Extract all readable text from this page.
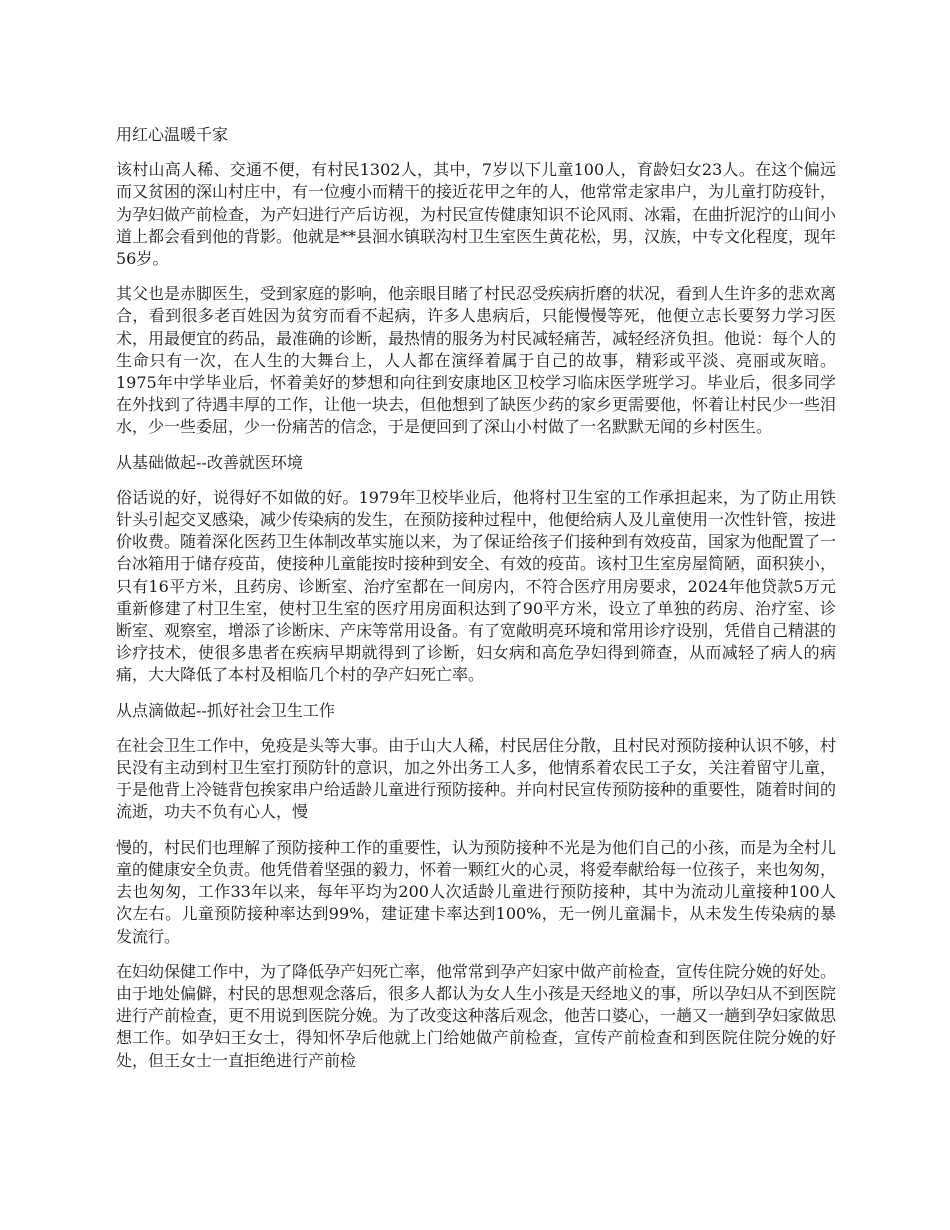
用红心温暖千家
该村山高人稀、交通不便，有村民1302人，其中，7岁以下儿童100人，育龄妇女23人。在这个偏远而又贫困的深山村庄中，有一位瘦小而精干的接近花甲之年的人，他常常走家串户，为儿童打防疫针，为孕妇做产前检查，为产妇进行产后访视，为村民宣传健康知识不论风雨、冰霜，在曲折泥泞的山间小道上都会看到他的背影。他就是**县洄水镇联沟村卫生室医生黄花松，男，汉族，中专文化程度，现年56岁。
其父也是赤脚医生，受到家庭的影响，他亲眼目睹了村民忍受疾病折磨的状况，看到人生许多的悲欢离合，看到很多老百姓因为贫穷而看不起病，许多人患病后，只能慢慢等死，他便立志长要努力学习医术，用最便宜的药品，最准确的诊断，最热情的服务为村民减轻痛苦，减轻经济负担。他说：每个人的生命只有一次，在人生的大舞台上，人人都在演绎着属于自己的故事，精彩或平淡、亮丽或灰暗。1975年中学毕业后，怀着美好的梦想和向往到安康地区卫校学习临床医学班学习。毕业后，很多同学在外找到了待遇丰厚的工作，让他一块去，但他想到了缺医少药的家乡更需要他，怀着让村民少一些泪水，少一些委屈，少一份痛苦的信念，于是便回到了深山小村做了一名默默无闻的乡村医生。
从基础做起--改善就医环境
俗话说的好，说得好不如做的好。1979年卫校毕业后，他将村卫生室的工作承担起来，为了防止用铁针头引起交叉感染，减少传染病的发生，在预防接种过程中，他便给病人及儿童使用一次性针管，按进价收费。随着深化医药卫生体制改革实施以来，为了保证给孩子们接种到有效疫苗，国家为他配置了一台冰箱用于储存疫苗，使接种儿童能按时接种到安全、有效的疫苗。该村卫生室房屋简陋，面积狭小，只有16平方米，且药房、诊断室、治疗室都在一间房内，不符合医疗用房要求，2024年他贷款5万元重新修建了村卫生室，使村卫生室的医疗用房面积达到了90平方米，设立了单独的药房、治疗室、诊断室、观察室，增添了诊断床、产床等常用设备。有了宽敞明亮环境和常用诊疗设别，凭借自己精湛的诊疗技术，使很多患者在疾病早期就得到了诊断，妇女病和高危孕妇得到筛查，从而减轻了病人的病痛，大大降低了本村及相临几个村的孕产妇死亡率。
从点滴做起--抓好社会卫生工作
在社会卫生工作中，免疫是头等大事。由于山大人稀，村民居住分散，且村民对预防接种认识不够，村民没有主动到村卫生室打预防针的意识，加之外出务工人多，他情系着农民工子女，关注着留守儿童，于是他背上冷链背包挨家串户给适龄儿童进行预防接种。并向村民宣传预防接种的重要性，随着时间的流逝，功夫不负有心人，慢
慢的，村民们也理解了预防接种工作的重要性，认为预防接种不光是为他们自己的小孩，而是为全村儿童的健康安全负责。他凭借着坚强的毅力，怀着一颗红火的心灵，将爱奉献给每一位孩子，来也匆匆，去也匆匆，工作33年以来，每年平均为200人次适龄儿童进行预防接种，其中为流动儿童接种100人次左右。儿童预防接种率达到99%，建证建卡率达到100%，无一例儿童漏卡，从未发生传染病的暴发流行。
在妇幼保健工作中，为了降低孕产妇死亡率，他常常到孕产妇家中做产前检查，宣传住院分娩的好处。由于地处偏僻，村民的思想观念落后，很多人都认为女人生小孩是天经地义的事，所以孕妇从不到医院进行产前检查，更不用说到医院分娩。为了改变这种落后观念，他苦口婆心，一趟又一趟到孕妇家做思想工作。如孕妇王女士，得知怀孕后他就上门给她做产前检查，宣传产前检查和到医院住院分娩的好处，但王女士一直拒绝进行产前检
